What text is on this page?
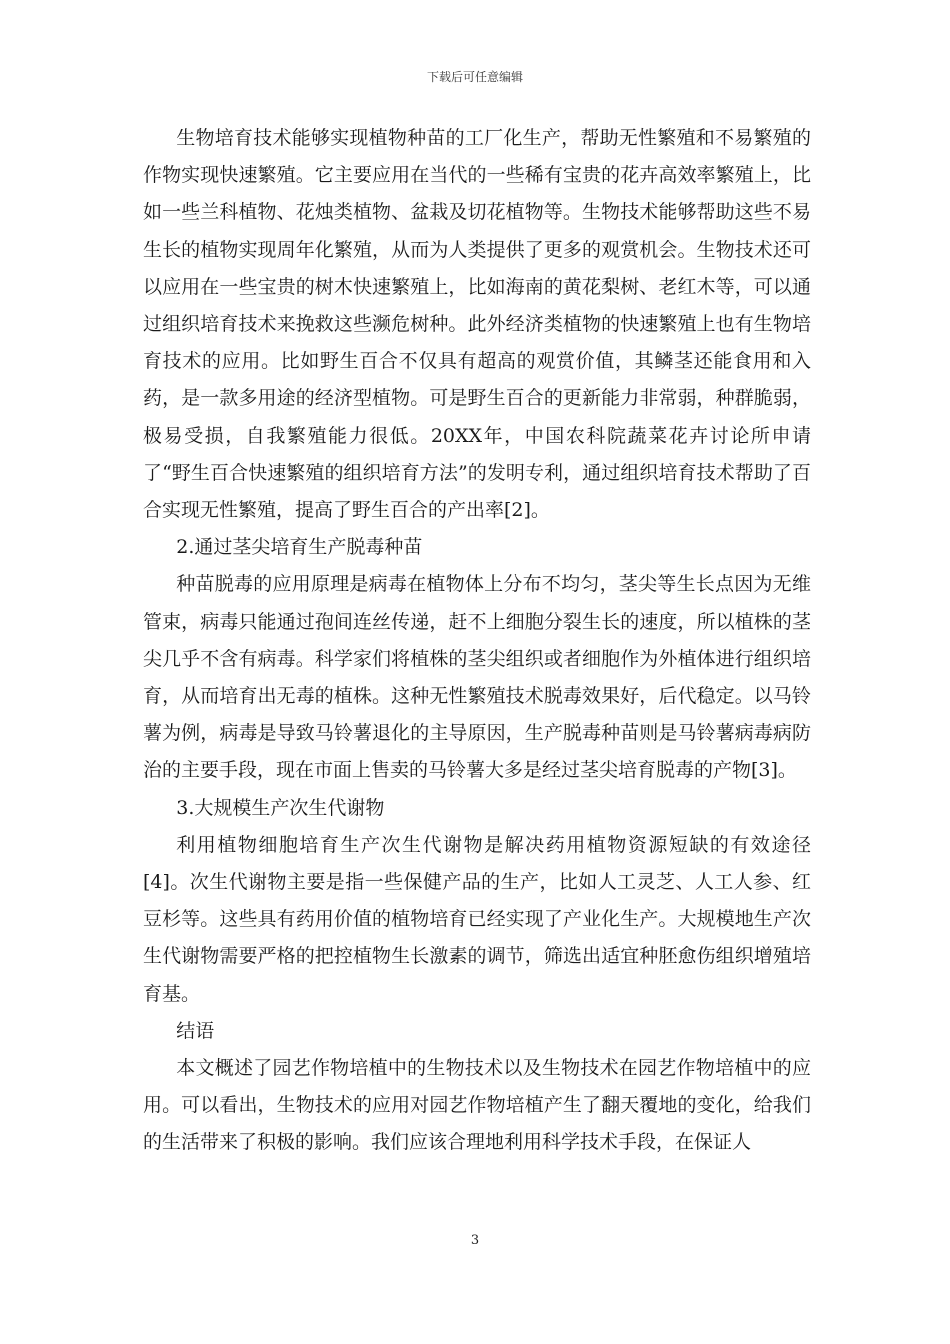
下载后可任意编辑

生物培育技术能够实现植物种苗的工厂化生产，帮助无性繁殖和不易繁殖的作物实现快速繁殖。它主要应用在当代的一些稀有宝贵的花卉高效率繁殖上，比如一些兰科植物、花烛类植物、盆栽及切花植物等。生物技术能够帮助这些不易生长的植物实现周年化繁殖，从而为人类提供了更多的观赏机会。生物技术还可以应用在一些宝贵的树木快速繁殖上，比如海南的黄花梨树、老红木等，可以通过组织培育技术来挽救这些濒危树种。此外经济类植物的快速繁殖上也有生物培育技术的应用。比如野生百合不仅具有超高的观赏价值，其鳞茎还能食用和入药，是一款多用途的经济型植物。可是野生百合的更新能力非常弱，种群脆弱，极易受损，自我繁殖能力很低。20XX年，中国农科院蔬菜花卉讨论所申请了“野生百合快速繁殖的组织培育方法”的发明专利，通过组织培育技术帮助了百合实现无性繁殖，提高了野生百合的产出率[2]。

2.通过茎尖培育生产脱毒种苗

种苗脱毒的应用原理是病毒在植物体上分布不均匀，茎尖等生长点因为无维管束，病毒只能通过孢间连丝传递，赶不上细胞分裂生长的速度，所以植株的茎尖几乎不含有病毒。科学家们将植株的茎尖组织或者细胞作为外植体进行组织培育，从而培育出无毒的植株。这种无性繁殖技术脱毒效果好，后代稳定。以马铃薯为例，病毒是导致马铃薯退化的主导原因，生产脱毒种苗则是马铃薯病毒病防治的主要手段，现在市面上售卖的马铃薯大多是经过茎尖培育脱毒的产物[3]。

3.大规模生产次生代谢物

利用植物细胞培育生产次生代谢物是解决药用植物资源短缺的有效途径[4]。次生代谢物主要是指一些保健产品的生产，比如人工灵芝、人工人参、红豆杉等。这些具有药用价值的植物培育已经实现了产业化生产。大规模地生产次生代谢物需要严格的把控植物生长激素的调节，筛选出适宜种胚愈伤组织增殖培育基。

结语

本文概述了园艺作物培植中的生物技术以及生物技术在园艺作物培植中的应用。可以看出，生物技术的应用对园艺作物培植产生了翻天覆地的变化，给我们的生活带来了积极的影响。我们应该合理地利用科学技术手段，在保证人

3
